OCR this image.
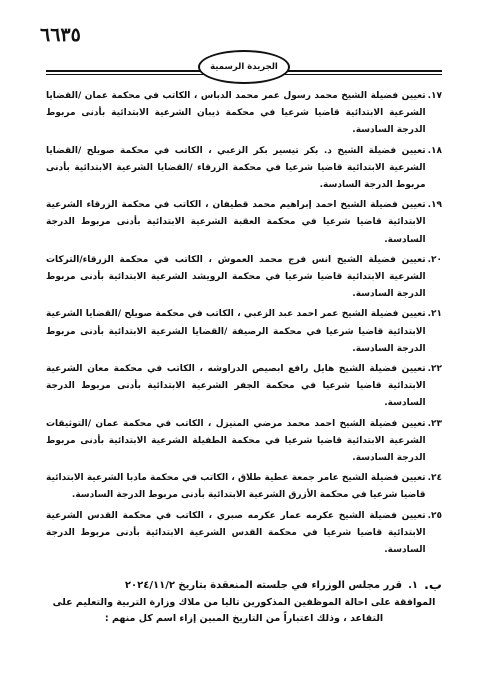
٦٦٣٥
الجريدة الرسمية
١٧.
تعيين فضيلة الشيخ محمد رسول عمر محمد الدباس ، الكاتب في محكمة عمان /القضايا الشرعية الابتدائية قاضيا شرعيا في محكمة ذيبان الشرعية الابتدائية بأدنى مربوط الدرجة السادسة.
١٨.
تعيين فضيلة الشيخ د. بكر تيسير بكر الزعبي ، الكاتب في محكمة صويلح /القضايا الشرعية الابتدائية قاضيا شرعيا في محكمة الزرقاء /القضايا الشرعية الابتدائية بأدنى مربوط الدرجة السادسة.
١٩.
تعيين فضيلة الشيخ احمد إبراهيم محمد قطيفان ، الكاتب في محكمة الزرقاء الشرعية الابتدائية قاضيا شرعيا في محكمة العقبة الشرعية الابتدائية بأدنى مربوط الدرجة السادسة.
٢٠.
تعيين فضيلة الشيخ انس فرج محمد العموش ، الكاتب في محكمة الزرقاء/التركات الشرعية الابتدائية قاضيا شرعيا في محكمة الرويشد الشرعية الابتدائية بأدنى مربوط الدرجة السادسة.
٢١.
تعيين فضيلة الشيخ عمر احمد عبد الزعبي ، الكاتب في محكمة صويلح /القضايا الشرعية الابتدائية قاضيا شرعيا في محكمة الرصيفة /القضايا الشرعية الابتدائية بأدنى مربوط الدرجة السادسة.
٢٢.
تعيين فضيلة الشيخ هايل رافع ابصيص الدراوشه ، الكاتب في محكمة معان الشرعية الابتدائية قاضيا شرعيا في محكمة الجفر الشرعية الابتدائية بأدنى مربوط الدرجة السادسة.
٢٣.
تعيين فضيلة الشيخ احمد محمد مرضي المنيزل ، الكاتب في محكمة عمان /التوثيقات الشرعية الابتدائية قاضيا شرعيا في محكمة الطفيلة الشرعية الابتدائية بأدنى مربوط الدرجة السادسة.
٢٤.
تعيين فضيلة الشيخ عامر جمعة عطية طلاق ، الكاتب في محكمة مادبا الشرعية الابتدائية قاضيا شرعيا في محكمة الأزرق الشرعية الابتدائية بأدنى مربوط الدرجة السادسة.
٢٥.
تعيين فضيلة الشيخ عكرمه عمار عكرمه صبري ، الكاتب في محكمة القدس الشرعية الابتدائية قاضيا شرعيا في محكمة القدس الشرعية الابتدائية بأدنى مربوط الدرجة السادسة.
ب.
١.
قرر مجلس الوزراء في جلسته المنعقدة بتاريخ ٢٠٢٤/١١/٢
الموافقة على احالة الموظفين المذكورين تاليا من ملاك وزارة التربية والتعليم على التقاعد ، وذلك اعتباراً من التاريخ المبين إزاء اسم كل منهم :
